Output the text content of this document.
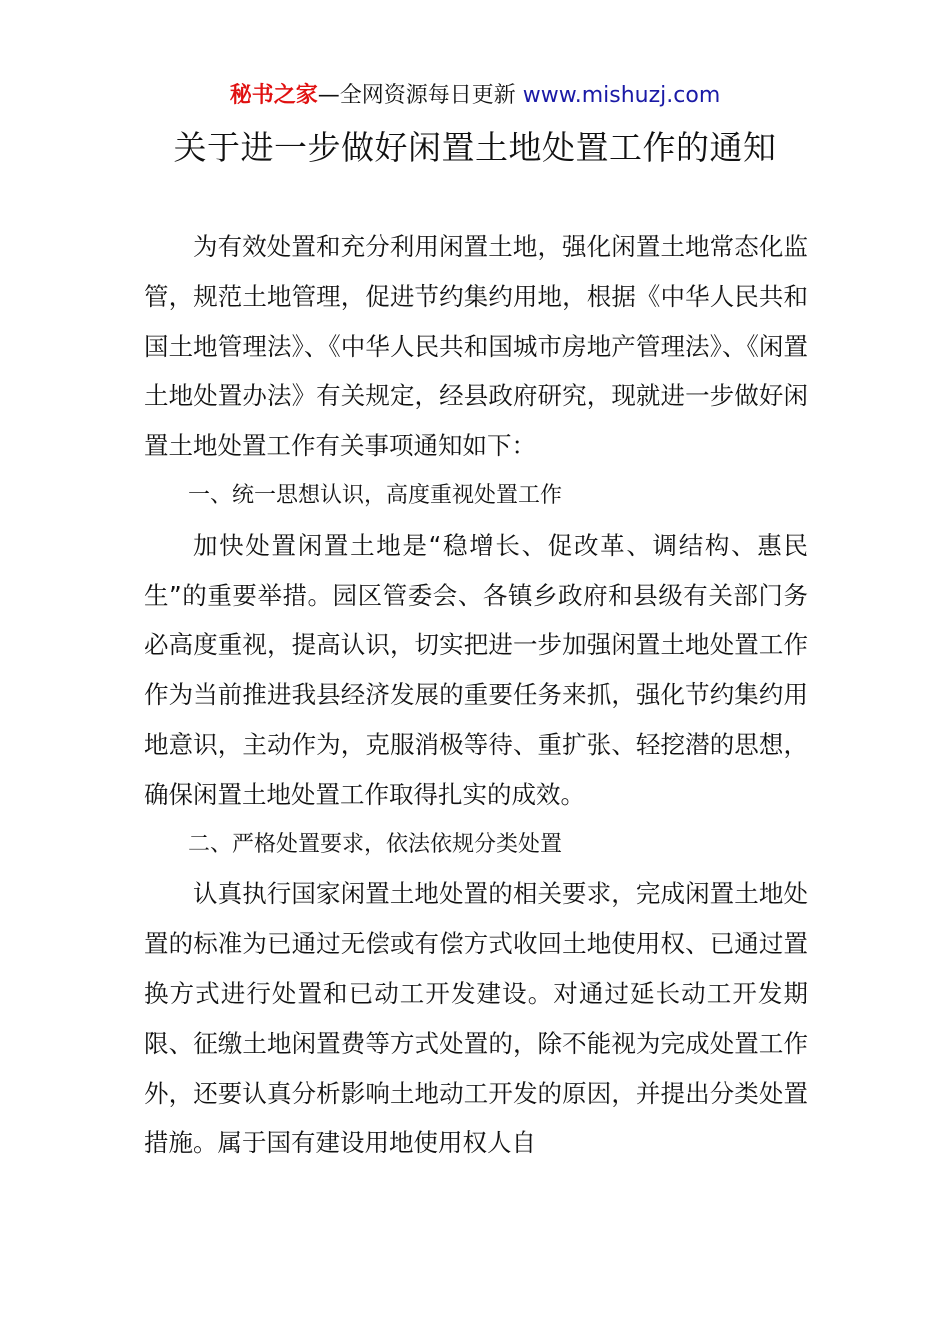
秘书之家—全网资源每日更新 www.mishuzj.com
关于进一步做好闲置土地处置工作的通知

为有效处置和充分利用闲置土地，强化闲置土地常态化监管，规范土地管理，促进节约集约用地，根据《中华人民共和国土地管理法》、《中华人民共和国城市房地产管理法》、《闲置土地处置办法》有关规定，经县政府研究，现就进一步做好闲置土地处置工作有关事项通知如下：

一、统一思想认识，高度重视处置工作

加快处置闲置土地是“稳增长、促改革、调结构、惠民生”的重要举措。园区管委会、各镇乡政府和县级有关部门务必高度重视，提高认识，切实把进一步加强闲置土地处置工作作为当前推进我县经济发展的重要任务来抓，强化节约集约用地意识，主动作为，克服消极等待、重扩张、轻挖潜的思想，确保闲置土地处置工作取得扎实的成效。

二、严格处置要求，依法依规分类处置

认真执行国家闲置土地处置的相关要求，完成闲置土地处置的标准为已通过无偿或有偿方式收回土地使用权、已通过置换方式进行处置和已动工开发建设。对通过延长动工开发期限、征缴土地闲置费等方式处置的，除不能视为完成处置工作外，还要认真分析影响土地动工开发的原因，并提出分类处置措施。属于国有建设用地使用权人自
